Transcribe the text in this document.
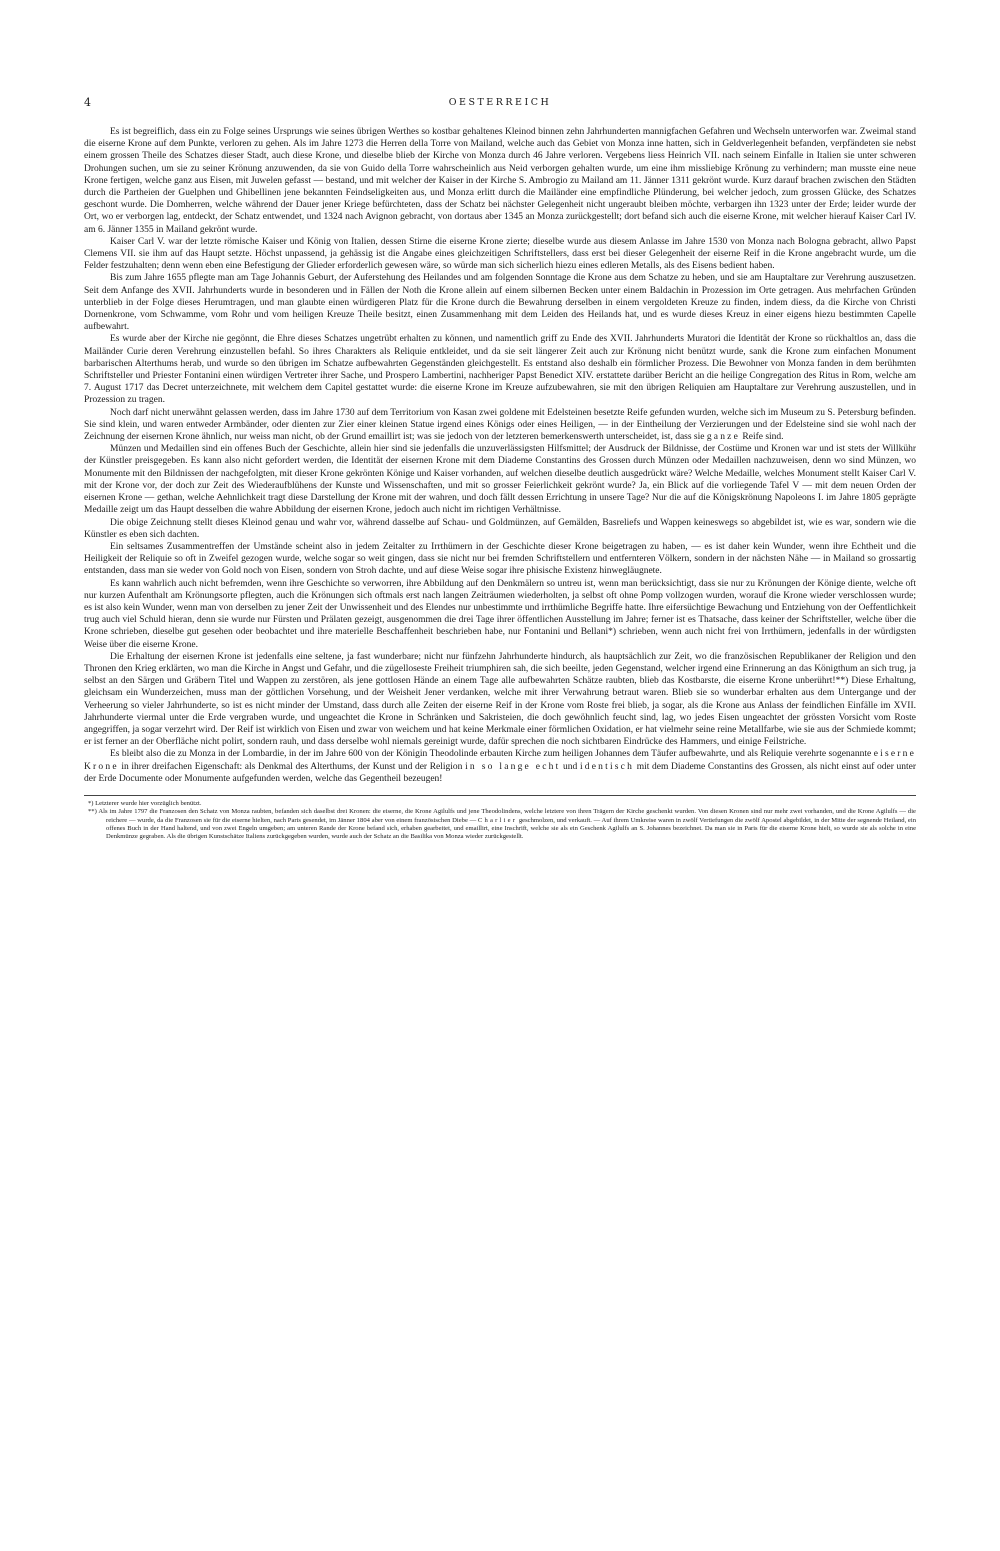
4	OESTERREICH

Es ist begreiflich, dass ein zu Folge seines Ursprungs wie seines übrigen Werthes so kostbar gehaltenes Kleinod binnen zehn Jahrhunderten mannigfachen Gefahren und Wechseln unterworfen war. Zweimal stand die eiserne Krone auf dem Punkte, verloren zu gehen. Als im Jahre 1273 die Herren della Torre von Mailand, welche auch das Gebiet von Monza inne hatten, sich in Geldverlegenheit befanden, verpfändeten sie nebst einem grossen Theile des Schatzes dieser Stadt, auch diese Krone, und dieselbe blieb der Kirche von Monza durch 46 Jahre verloren. Vergebens liess Heinrich VII. nach seinem Einfalle in Italien sie unter schweren Drohungen suchen, um sie zu seiner Krönung anzuwenden, da sie von Guido della Torre wahrscheinlich aus Neid verborgen gehalten wurde, um eine ihm missliebige Krönung zu verhindern; man musste eine neue Krone fertigen, welche ganz aus Eisen, mit Juwelen gefasst — bestand, und mit welcher der Kaiser in der Kirche S. Ambrogio zu Mailand am 11. Jänner 1311 gekrönt wurde. Kurz darauf brachen zwischen den Städten durch die Partheien der Guelphen und Ghibellinen jene bekannten Feindseligkeiten aus, und Monza erlitt durch die Mailänder eine empfindliche Plünderung, bei welcher jedoch, zum grossen Glücke, des Schatzes geschont wurde. Die Domherren, welche während der Dauer jener Kriege befürchteten, dass der Schatz bei nächster Gelegenheit nicht ungeraubt bleiben möchte, verbargen ihn 1323 unter der Erde; leider wurde der Ort, wo er verborgen lag, entdeckt, der Schatz entwendet, und 1324 nach Avignon gebracht, von dortaus aber 1345 an Monza zurückgestellt; dort befand sich auch die eiserne Krone, mit welcher hierauf Kaiser Carl IV. am 6. Jänner 1355 in Mailand gekrönt wurde.

Kaiser Carl V. war der letzte römische Kaiser und König von Italien, dessen Stirne die eiserne Krone zierte; dieselbe wurde aus diesem Anlasse im Jahre 1530 von Monza nach Bologna gebracht, allwo Papst Clemens VII. sie ihm auf das Haupt setzte. Höchst unpassend, ja gehässig ist die Angabe eines gleichzeitigen Schriftstellers, dass erst bei dieser Gelegenheit der eiserne Reif in die Krone angebracht wurde, um die Felder festzuhalten; denn wenn eben eine Befestigung der Glieder erforderlich gewesen wäre, so würde man sich sicherlich hiezu eines edleren Metalls, als des Eisens bedient haben.

Bis zum Jahre 1655 pflegte man am Tage Johannis Geburt, der Auferstehung des Heilandes und am folgenden Sonntage die Krone aus dem Schatze zu heben, und sie am Hauptaltare zur Verehrung auszusetzen. Seit dem Anfange des XVII. Jahrhunderts wurde in besonderen und in Fällen der Noth die Krone allein auf einem silbernen Becken unter einem Baldachin in Prozession im Orte getragen. Aus mehrfachen Gründen unterblieb in der Folge dieses Herumtragen, und man glaubte einen würdigeren Platz für die Krone durch die Bewahrung derselben in einem vergoldeten Kreuze zu finden, indem diess, da die Kirche von Christi Dornenkrone, vom Schwamme, vom Rohr und vom heiligen Kreuze Theile besitzt, einen Zusammenhang mit dem Leiden des Heilands hat, und es wurde dieses Kreuz in einer eigens hiezu bestimmten Capelle aufbewahrt.

Es wurde aber der Kirche nie gegönnt, die Ehre dieses Schatzes ungetrübt erhalten zu können, und namentlich griff zu Ende des XVII. Jahrhunderts Muratori die Identität der Krone so rückhaltlos an, dass die Mailänder Curie deren Verehrung einzustellen befahl. So ihres Charakters als Reliquie entkleidet, und da sie seit längerer Zeit auch zur Krönung nicht benützt wurde, sank die Krone zum einfachen Monument barbarischen Alterthums herab, und wurde so den übrigen im Schatze aufbewahrten Gegenständen gleichgestellt. Es entstand also deshalb ein förmlicher Prozess. Die Bewohner von Monza fanden in dem berühmten Schriftsteller und Priester Fontanini einen würdigen Vertreter ihrer Sache, und Prospero Lambertini, nachheriger Papst Benedict XIV. erstattete darüber Bericht an die heilige Congregation des Ritus in Rom, welche am 7. August 1717 das Decret unterzeichnete, mit welchem dem Capitel gestattet wurde: die eiserne Krone im Kreuze aufzubewahren, sie mit den übrigen Reliquien am Hauptaltare zur Verehrung auszustellen, und in Prozession zu tragen.

Noch darf nicht unerwähnt gelassen werden, dass im Jahre 1730 auf dem Territorium von Kasan zwei goldene mit Edelsteinen besetzte Reife gefunden wurden, welche sich im Museum zu S. Petersburg befinden. Sie sind klein, und waren entweder Armbänder, oder dienten zur Zier einer kleinen Statue irgend eines Königs oder eines Heiligen, — in der Eintheilung der Verzierungen und der Edelsteine sind sie wohl nach der Zeichnung der eisernen Krone ähnlich, nur weiss man nicht, ob der Grund emaillirt ist; was sie jedoch von der letzteren bemerkenswerth unterscheidet, ist, dass sie ganze Reife sind.

Münzen und Medaillen sind ein offenes Buch der Geschichte, allein hier sind sie jedenfalls die unzuverlässigsten Hilfsmittel; der Ausdruck der Bildnisse, der Costüme und Kronen war und ist stets der Willkühr der Künstler preisgegeben. Es kann also nicht gefordert werden, die Identität der eisernen Krone mit dem Diademe Constantins des Grossen durch Münzen oder Medaillen nachzuweisen, denn wo sind Münzen, wo Monumente mit den Bildnissen der nachgefolgten, mit dieser Krone gekrönten Könige und Kaiser vorhanden, auf welchen dieselbe deutlich ausgedrückt wäre? Welche Medaille, welches Monument stellt Kaiser Carl V. mit der Krone vor, der doch zur Zeit des Wiederaufblühens der Kunste und Wissenschaften, und mit so grosser Feierlichkeit gekrönt wurde? Ja, ein Blick auf die vorliegende Tafel V — mit dem neuen Orden der eisernen Krone — gethan, welche Aehnlichkeit tragt diese Darstellung der Krone mit der wahren, und doch fällt dessen Errichtung in unsere Tage? Nur die auf die Königskrönung Napoleons I. im Jahre 1805 geprägte Medaille zeigt um das Haupt desselben die wahre Abbildung der eisernen Krone, jedoch auch nicht im richtigen Verhältnisse.

Die obige Zeichnung stellt dieses Kleinod genau und wahr vor, während dasselbe auf Schau- und Goldmünzen, auf Gemälden, Basreliefs und Wappen keineswegs so abgebildet ist, wie es war, sondern wie die Künstler es eben sich dachten.

Ein seltsames Zusammentreffen der Umstände scheint also in jedem Zeitalter zu Irrthümern in der Geschichte dieser Krone beigetragen zu haben, — es ist daher kein Wunder, wenn ihre Echtheit und die Heiligkeit der Reliquie so oft in Zweifel gezogen wurde, welche sogar so weit gingen, dass sie nicht nur bei fremden Schriftstellern und entfernteren Völkern, sondern in der nächsten Nähe — in Mailand so grossartig entstanden, dass man sie weder von Gold noch von Eisen, sondern von Stroh dachte, und auf diese Weise sogar ihre phisische Existenz hinwegläugnete.

Es kann wahrlich auch nicht befremden, wenn ihre Geschichte so verworren, ihre Abbildung auf den Denkmälern so untreu ist, wenn man berücksichtigt, dass sie nur zu Krönungen der Könige diente, welche oft nur kurzen Aufenthalt am Krönungsorte pflegten, auch die Krönungen sich oftmals erst nach langen Zeiträumen wiederholten, ja selbst oft ohne Pomp vollzogen wurden, worauf die Krone wieder verschlossen wurde; es ist also kein Wunder, wenn man von derselben zu jener Zeit der Unwissenheit und des Elendes nur unbestimmte und irrthümliche Begriffe hatte. Ihre eifersüchtige Bewachung und Entziehung von der Oeffentlichkeit trug auch viel Schuld hieran, denn sie wurde nur Fürsten und Prälaten gezeigt, ausgenommen die drei Tage ihrer öffentlichen Ausstellung im Jahre; ferner ist es Thatsache, dass keiner der Schriftsteller, welche über die Krone schrieben, dieselbe gut gesehen oder beobachtet und ihre materielle Beschaffenheit beschrieben habe, nur Fontanini und Bellani*) schrieben, wenn auch nicht frei von Irrthümern, jedenfalls in der würdigsten Weise über die eiserne Krone.

Die Erhaltung der eisernen Krone ist jedenfalls eine seltene, ja fast wunderbare; nicht nur fünfzehn Jahrhunderte hindurch, als hauptsächlich zur Zeit, wo die französischen Republikaner der Religion und den Thronen den Krieg erklärten, wo man die Kirche in Angst und Gefahr, und die zügelloseste Freiheit triumphiren sah, die sich beeilte, jeden Gegenstand, welcher irgend eine Erinnerung an das Königthum an sich trug, ja selbst an den Särgen und Gräbern Titel und Wappen zu zerstören, als jene gottlosen Hände an einem Tage alle aufbewahrten Schätze raubten, blieb das Kostbarste, die eiserne Krone unberührt!**) Diese Erhaltung, gleichsam ein Wunderzeichen, muss man der göttlichen Vorsehung, und der Weisheit Jener verdanken, welche mit ihrer Verwahrung betraut waren. Blieb sie so wunderbar erhalten aus dem Untergange und der Verheerung so vieler Jahrhunderte, so ist es nicht minder der Umstand, dass durch alle Zeiten der eiserne Reif in der Krone vom Roste frei blieb, ja sogar, als die Krone aus Anlass der feindlichen Einfälle im XVII. Jahrhunderte viermal unter die Erde vergraben wurde, und ungeachtet die Krone in Schränken und Sakristeien, die doch gewöhnlich feucht sind, lag, wo jedes Eisen ungeachtet der grössten Vorsicht vom Roste angegriffen, ja sogar verzehrt wird. Der Reif ist wirklich von Eisen und zwar von weichem und hat keine Merkmale einer förmlichen Oxidation, er hat vielmehr seine reine Metallfarbe, wie sie aus der Schmiede kommt; er ist ferner an der Oberfläche nicht polirt, sondern rauh, und dass derselbe wohl niemals gereinigt wurde, dafür sprechen die noch sichtbaren Eindrücke des Hammers, und einige Feilstriche.

Es bleibt also die zu Monza in der Lombardie, in der im Jahre 600 von der Königin Theodolinde erbauten Kirche zum heiligen Johannes dem Täufer aufbewahrte, und als Reliquie verehrte sogenannte eiserne Krone in ihrer dreifachen Eigenschaft: als Denkmal des Alterthums, der Kunst und der Religion in so lange echt und identisch mit dem Diademe Constantins des Grossen, als nicht einst auf oder unter der Erde Documente oder Monumente aufgefunden werden, welche das Gegentheil bezeugen!

*) Letzterer wurde hier vorzüglich benützt.

**) Als im Jahre 1797 die Franzosen den Schatz von Monza raubten, befanden sich daselbst drei Kronen: die eiserne, die Krone Agilulfs und jene Theodolindens, welche letztere von ihren Trägern der Kirche geschenkt wurden. Von diesen Kronen sind nur mehr zwei vorhanden, und die Krone Agilulfs — die reichere — wurde, da die Franzosen sie für die eiserne hielten, nach Paris gesendet, im Jänner 1804 aber von einem französischen Diebe — Charlier geschmolzen, und verkauft. — Auf ihrem Umkreise waren in zwölf Vertiefungen die zwölf Apostel abgebildet, in der Mitte der segnende Heiland, ein offenes Buch in der Hand haltend, und von zwei Engeln umgeben; am unteren Rande der Krone befand sich, erhaben gearbeitet, und emaillirt, eine Inschrift, welche sie als ein Geschenk Agilulfs an S. Johannes bezeichnet. Da man sie in Paris für die eiserne Krone hielt, so wurde sie als solche in eine Denkmünze gegraben. Als die übrigen Kunstschätze Italiens zurückgegeben wurden, wurde auch der Schatz an die Basilika von Monza wieder zurückgestellt.
